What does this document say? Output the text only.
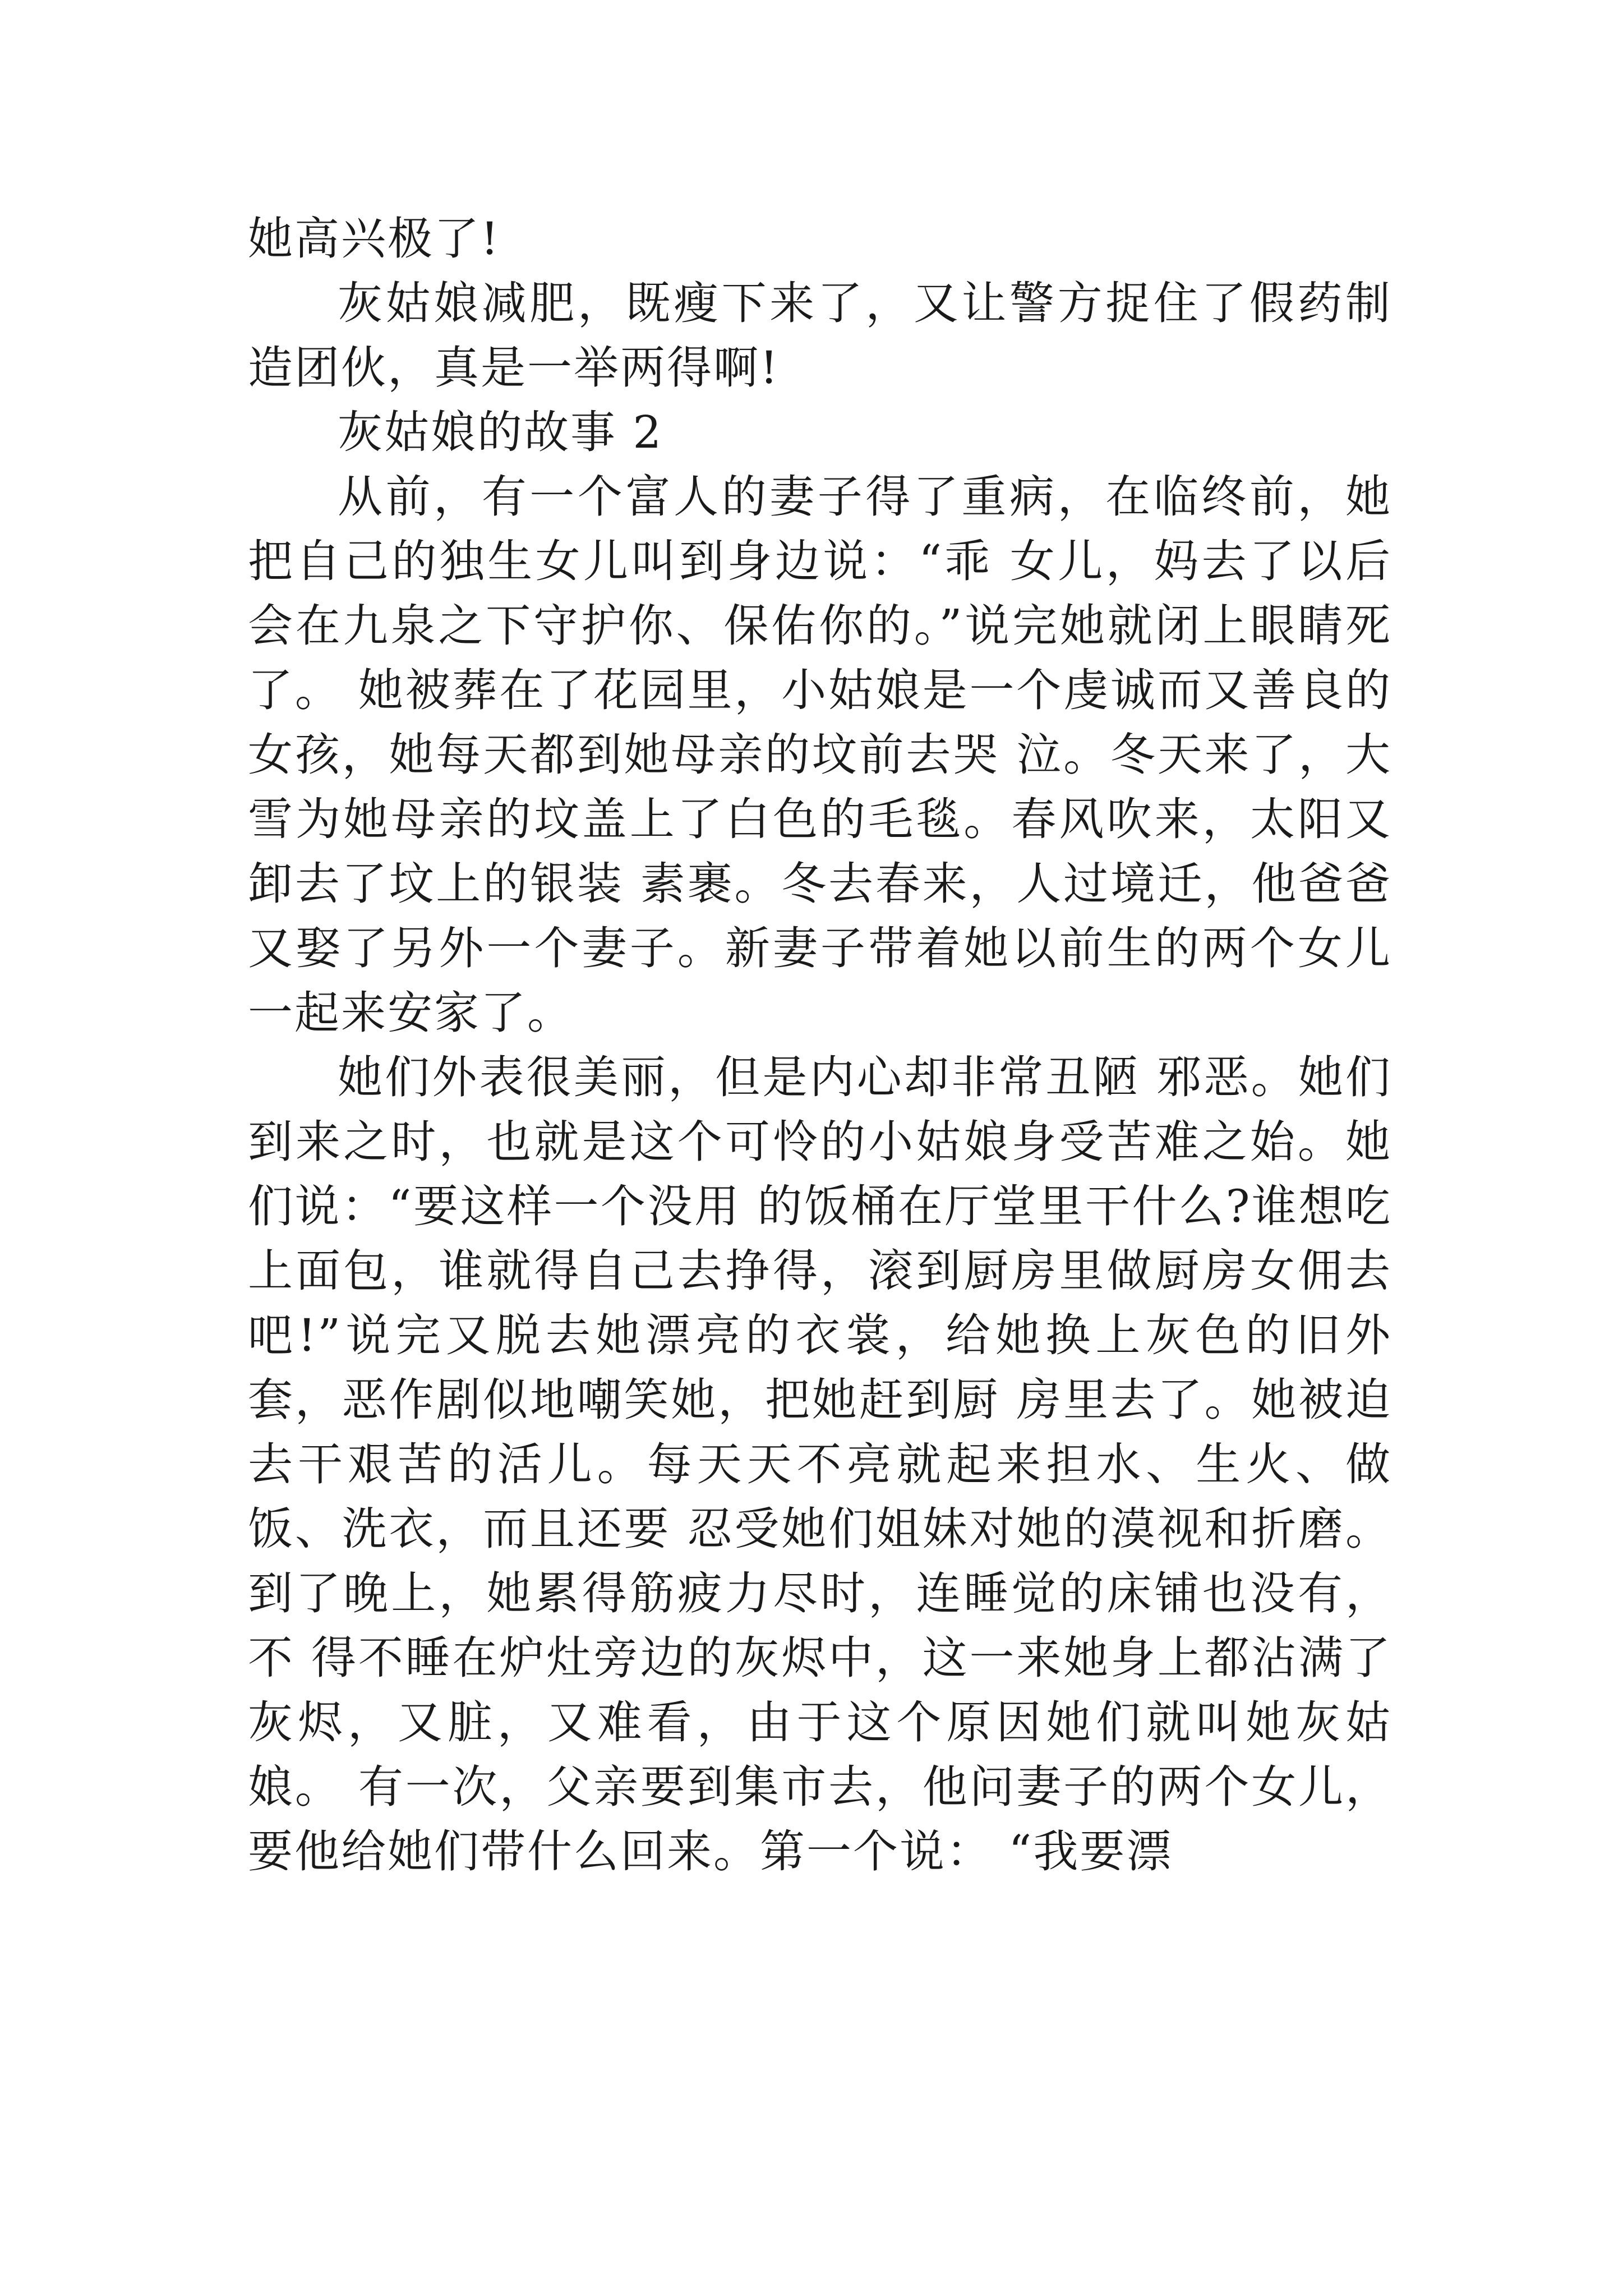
她高兴极了!

灰姑娘减肥，既瘦下来了，又让警方捉住了假药制造团伙，真是一举两得啊!

灰姑娘的故事 2

从前，有一个富人的妻子得了重病，在临终前，她把自己的独生女儿叫到身边说：“乖 女儿，妈去了以后会在九泉之下守护你、保佑你的。”说完她就闭上眼睛死了。 她被葬在了花园里，小姑娘是一个虔诚而又善良的女孩，她每天都到她母亲的坟前去哭 泣。冬天来了，大雪为她母亲的坟盖上了白色的毛毯。春风吹来，太阳又卸去了坟上的银装 素裹。冬去春来，人过境迁，他爸爸又娶了另外一个妻子。新妻子带着她以前生的两个女儿一起来安家了。

她们外表很美丽，但是内心却非常丑陋 邪恶。她们到来之时，也就是这个可怜的小姑娘身受苦难之始。她们说：“要这样一个没用 的饭桶在厅堂里干什么?谁想吃上面包，谁就得自己去挣得，滚到厨房里做厨房女佣去 吧!”说完又脱去她漂亮的衣裳，给她换上灰色的旧外套，恶作剧似地嘲笑她，把她赶到厨 房里去了。她被迫去干艰苦的活儿。每天天不亮就起来担水、生火、做饭、洗衣，而且还要 忍受她们姐妹对她的漠视和折磨。到了晚上，她累得筋疲力尽时，连睡觉的床铺也没有，不 得不睡在炉灶旁边的灰烬中，这一来她身上都沾满了灰烬，又脏，又难看，由于这个原因她们就叫她灰姑娘。 有一次，父亲要到集市去，他问妻子的两个女儿，要他给她们带什么回来。第一个说： “我要漂
